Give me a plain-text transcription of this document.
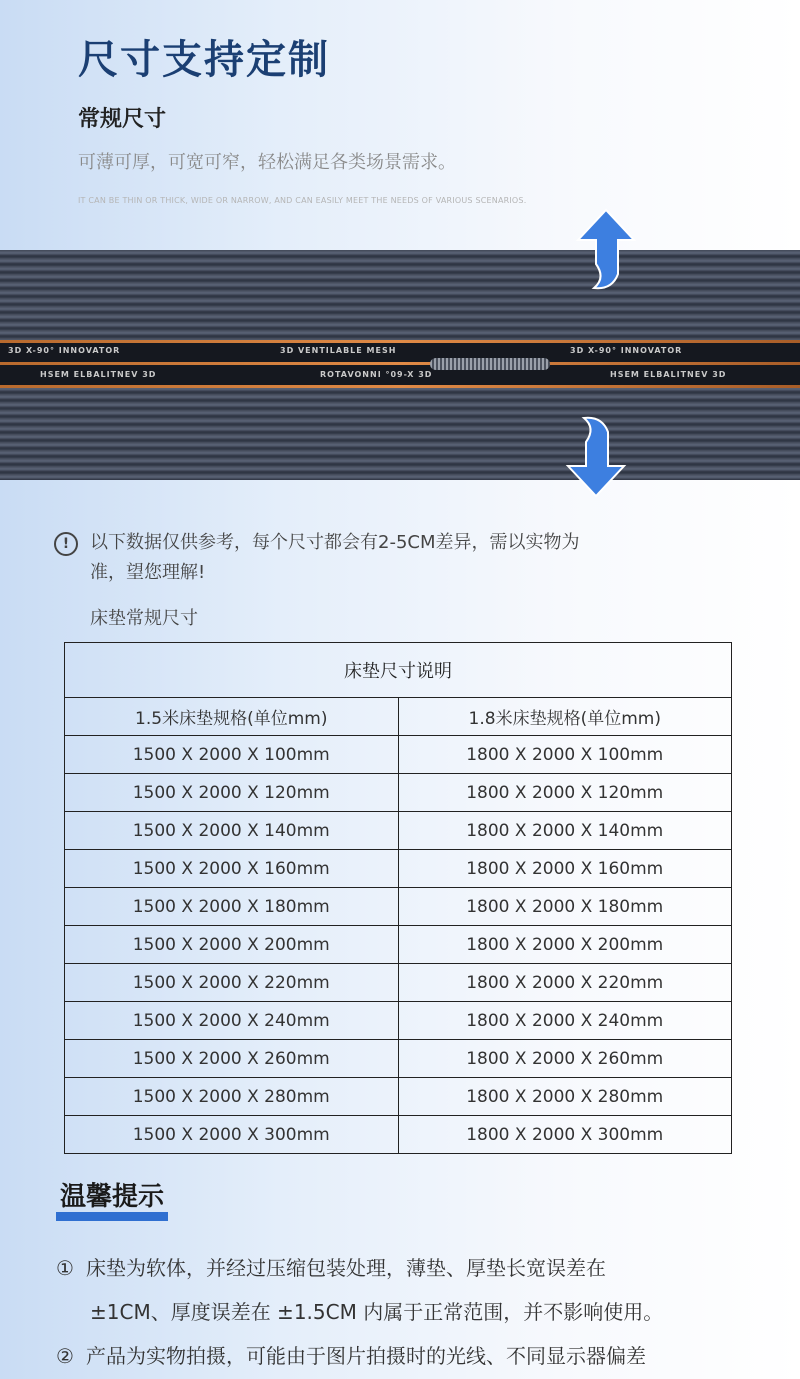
尺寸支持定制
常规尺寸

可薄可厚，可宽可窄，轻松满足各类场景需求。

IT CAN BE THIN OR THICK, WIDE OR NARROW, AND CAN EASILY MEET THE NEEDS OF VARIOUS SCENARIOS.

3D X-90° INNOVATOR	3D VENTILABLE MESH	3D X-90° INNOVATOR
HSEM ELBALITNEV 3D	ROTAVONNI °09-X 3D	HSEM ELBALITNEV 3D
!	以下数据仅供参考，每个尺寸都会有2-5CM差异，需以实物为
准，望您理解!

床垫常规尺寸

床垫尺寸说明	
1.5米床垫规格(单位mm)	1.8米床垫规格(单位mm)
1500 X 2000 X 100mm	1800 X 2000 X 100mm
1500 X 2000 X 120mm	1800 X 2000 X 120mm
1500 X 2000 X 140mm	1800 X 2000 X 140mm
1500 X 2000 X 160mm	1800 X 2000 X 160mm
1500 X 2000 X 180mm	1800 X 2000 X 180mm
1500 X 2000 X 200mm	1800 X 2000 X 200mm
1500 X 2000 X 220mm	1800 X 2000 X 220mm
1500 X 2000 X 240mm	1800 X 2000 X 240mm
1500 X 2000 X 260mm	1800 X 2000 X 260mm
1500 X 2000 X 280mm	1800 X 2000 X 280mm
1500 X 2000 X 300mm	1800 X 2000 X 300mm
温馨提示

① 床垫为软体，并经过压缩包装处理，薄垫、厚垫长宽误差在

±1CM、厚度误差在 ±1.5CM 内属于正常范围，并不影响使用。

② 产品为实物拍摄，可能由于图片拍摄时的光线、不同显示器偏差
